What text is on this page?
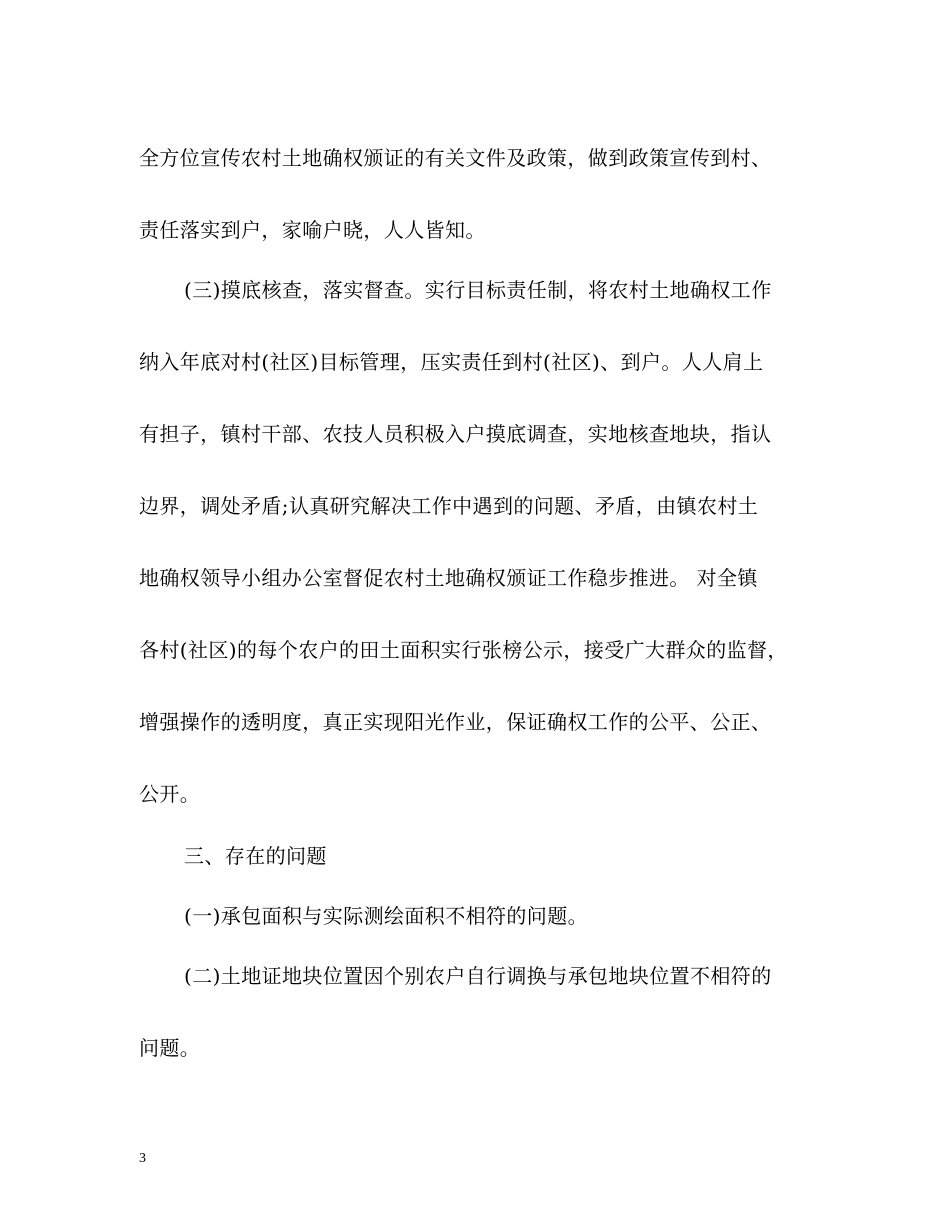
全方位宣传农村土地确权颁证的有关文件及政策，做到政策宣传到村、
责任落实到户，家喻户晓，人人皆知。
(三)摸底核查，落实督查。实行目标责任制，将农村土地确权工作
纳入年底对村(社区)目标管理，压实责任到村(社区)、到户。人人肩上
有担子，镇村干部、农技人员积极入户摸底调查，实地核查地块，指认
边界，调处矛盾;认真研究解决工作中遇到的问题、矛盾，由镇农村土
地确权领导小组办公室督促农村土地确权颁证工作稳步推进。 对全镇
各村(社区)的每个农户的田土面积实行张榜公示，接受广大群众的监督，
增强操作的透明度，真正实现阳光作业，保证确权工作的公平、公正、
公开。
三、存在的问题
(一)承包面积与实际测绘面积不相符的问题。
(二)土地证地块位置因个别农户自行调换与承包地块位置不相符的
问题。
3
